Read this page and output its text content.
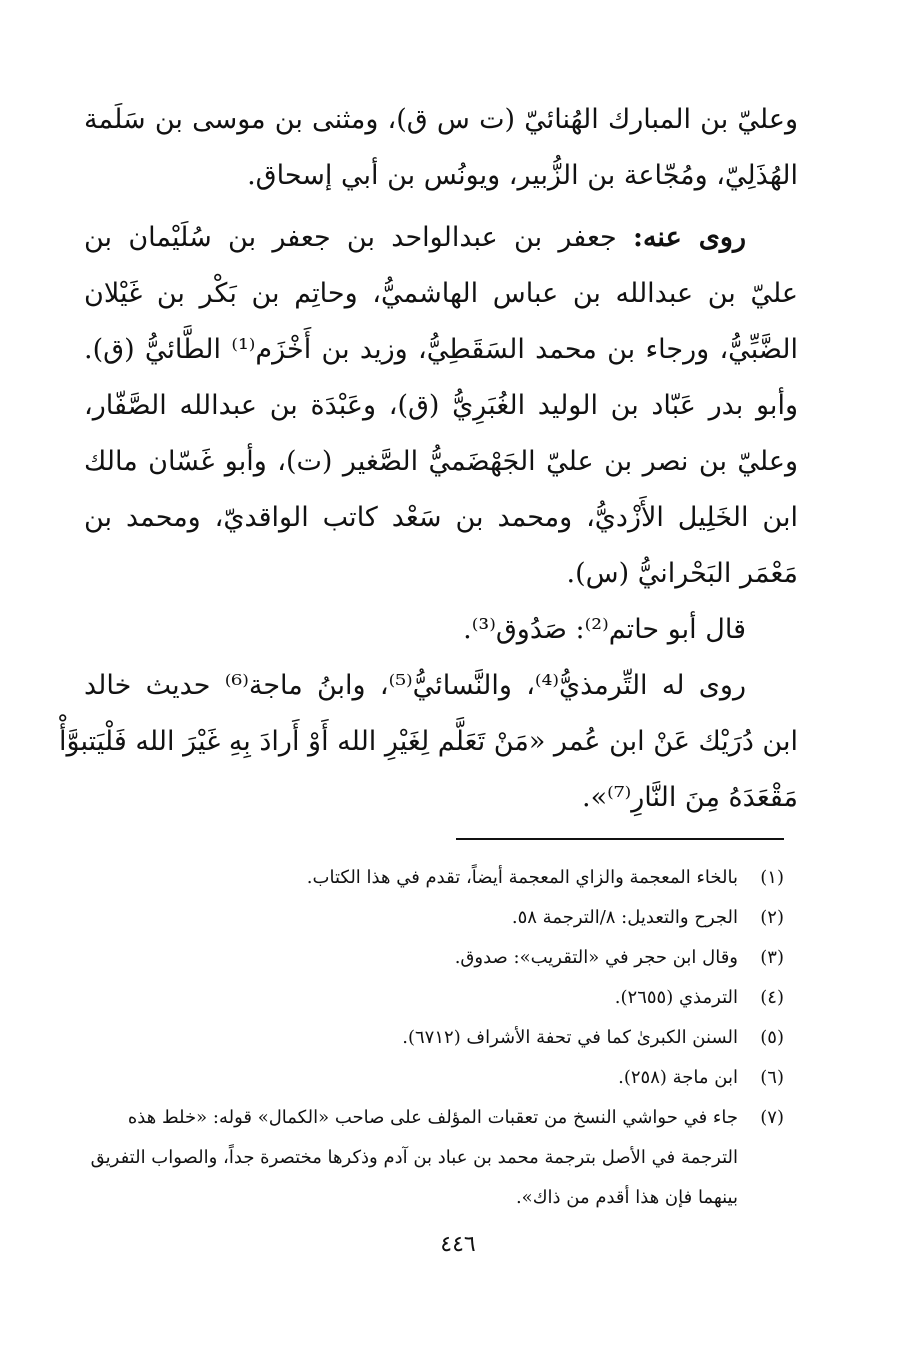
وعليّ بن المبارك الهُنائيّ (ت س ق)، ومثنى بن موسى بن سَلَمة
الهُذَلِيّ، ومُجّاعة بن الزُّبير، ويونُس بن أبي إسحاق.
روى عنه: جعفر بن عبدالواحد بن جعفر بن سُلَيْمان بن
عليّ بن عبدالله بن عباس الهاشميُّ، وحاتِم بن بَكْر بن غَيْلان
الضَّبِّيُّ، ورجاء بن محمد السَقَطِيُّ، وزيد بن أَخْزَم⁽¹⁾ الطَّائيُّ (ق).
وأبو بدر عَبّاد بن الوليد الغُبَرِيُّ (ق)، وعَبْدَة بن عبدالله الصَّفّار،
وعليّ بن نصر بن عليّ الجَهْضَميُّ الصَّغير (ت)، وأبو غَسّان مالك
ابن الخَلِيل الأَزْديُّ، ومحمد بن سَعْد كاتب الواقديّ، ومحمد بن
مَعْمَر البَحْرانيُّ (س).
قال أبو حاتم⁽²⁾: صَدُوق⁽³⁾.
روى له التِّرمذيُّ⁽⁴⁾، والنَّسائيُّ⁽⁵⁾، وابنُ ماجة⁽⁶⁾ حديث خالد
ابن دُرَيْك عَنْ ابن عُمر «مَنْ تَعَلَّم لِغَيْرِ الله أَوْ أَرادَ بِهِ غَيْرَ الله فَلْيَتبوَّأْ
مَقْعَدَهُ مِنَ النَّارِ⁽⁷⁾».
(١)
بالخاء المعجمة والزاي المعجمة أيضاً، تقدم في هذا الكتاب.
(٢)
الجرح والتعديل: ٨/الترجمة ٥٨.
(٣)
وقال ابن حجر في «التقريب»: صدوق.
(٤)
الترمذي (٢٦٥٥).
(٥)
السنن الكبرىٰ كما في تحفة الأشراف (٦٧١٢).
(٦)
ابن ماجة (٢٥٨).
(٧)
جاء في حواشي النسخ من تعقبات المؤلف على صاحب «الكمال» قوله: «خلط هذه الترجمة في الأصل بترجمة محمد بن عباد بن آدم وذكرها مختصرة جداً، والصواب التفريق بينهما فإن هذا أقدم من ذاك».
٤٤٦
